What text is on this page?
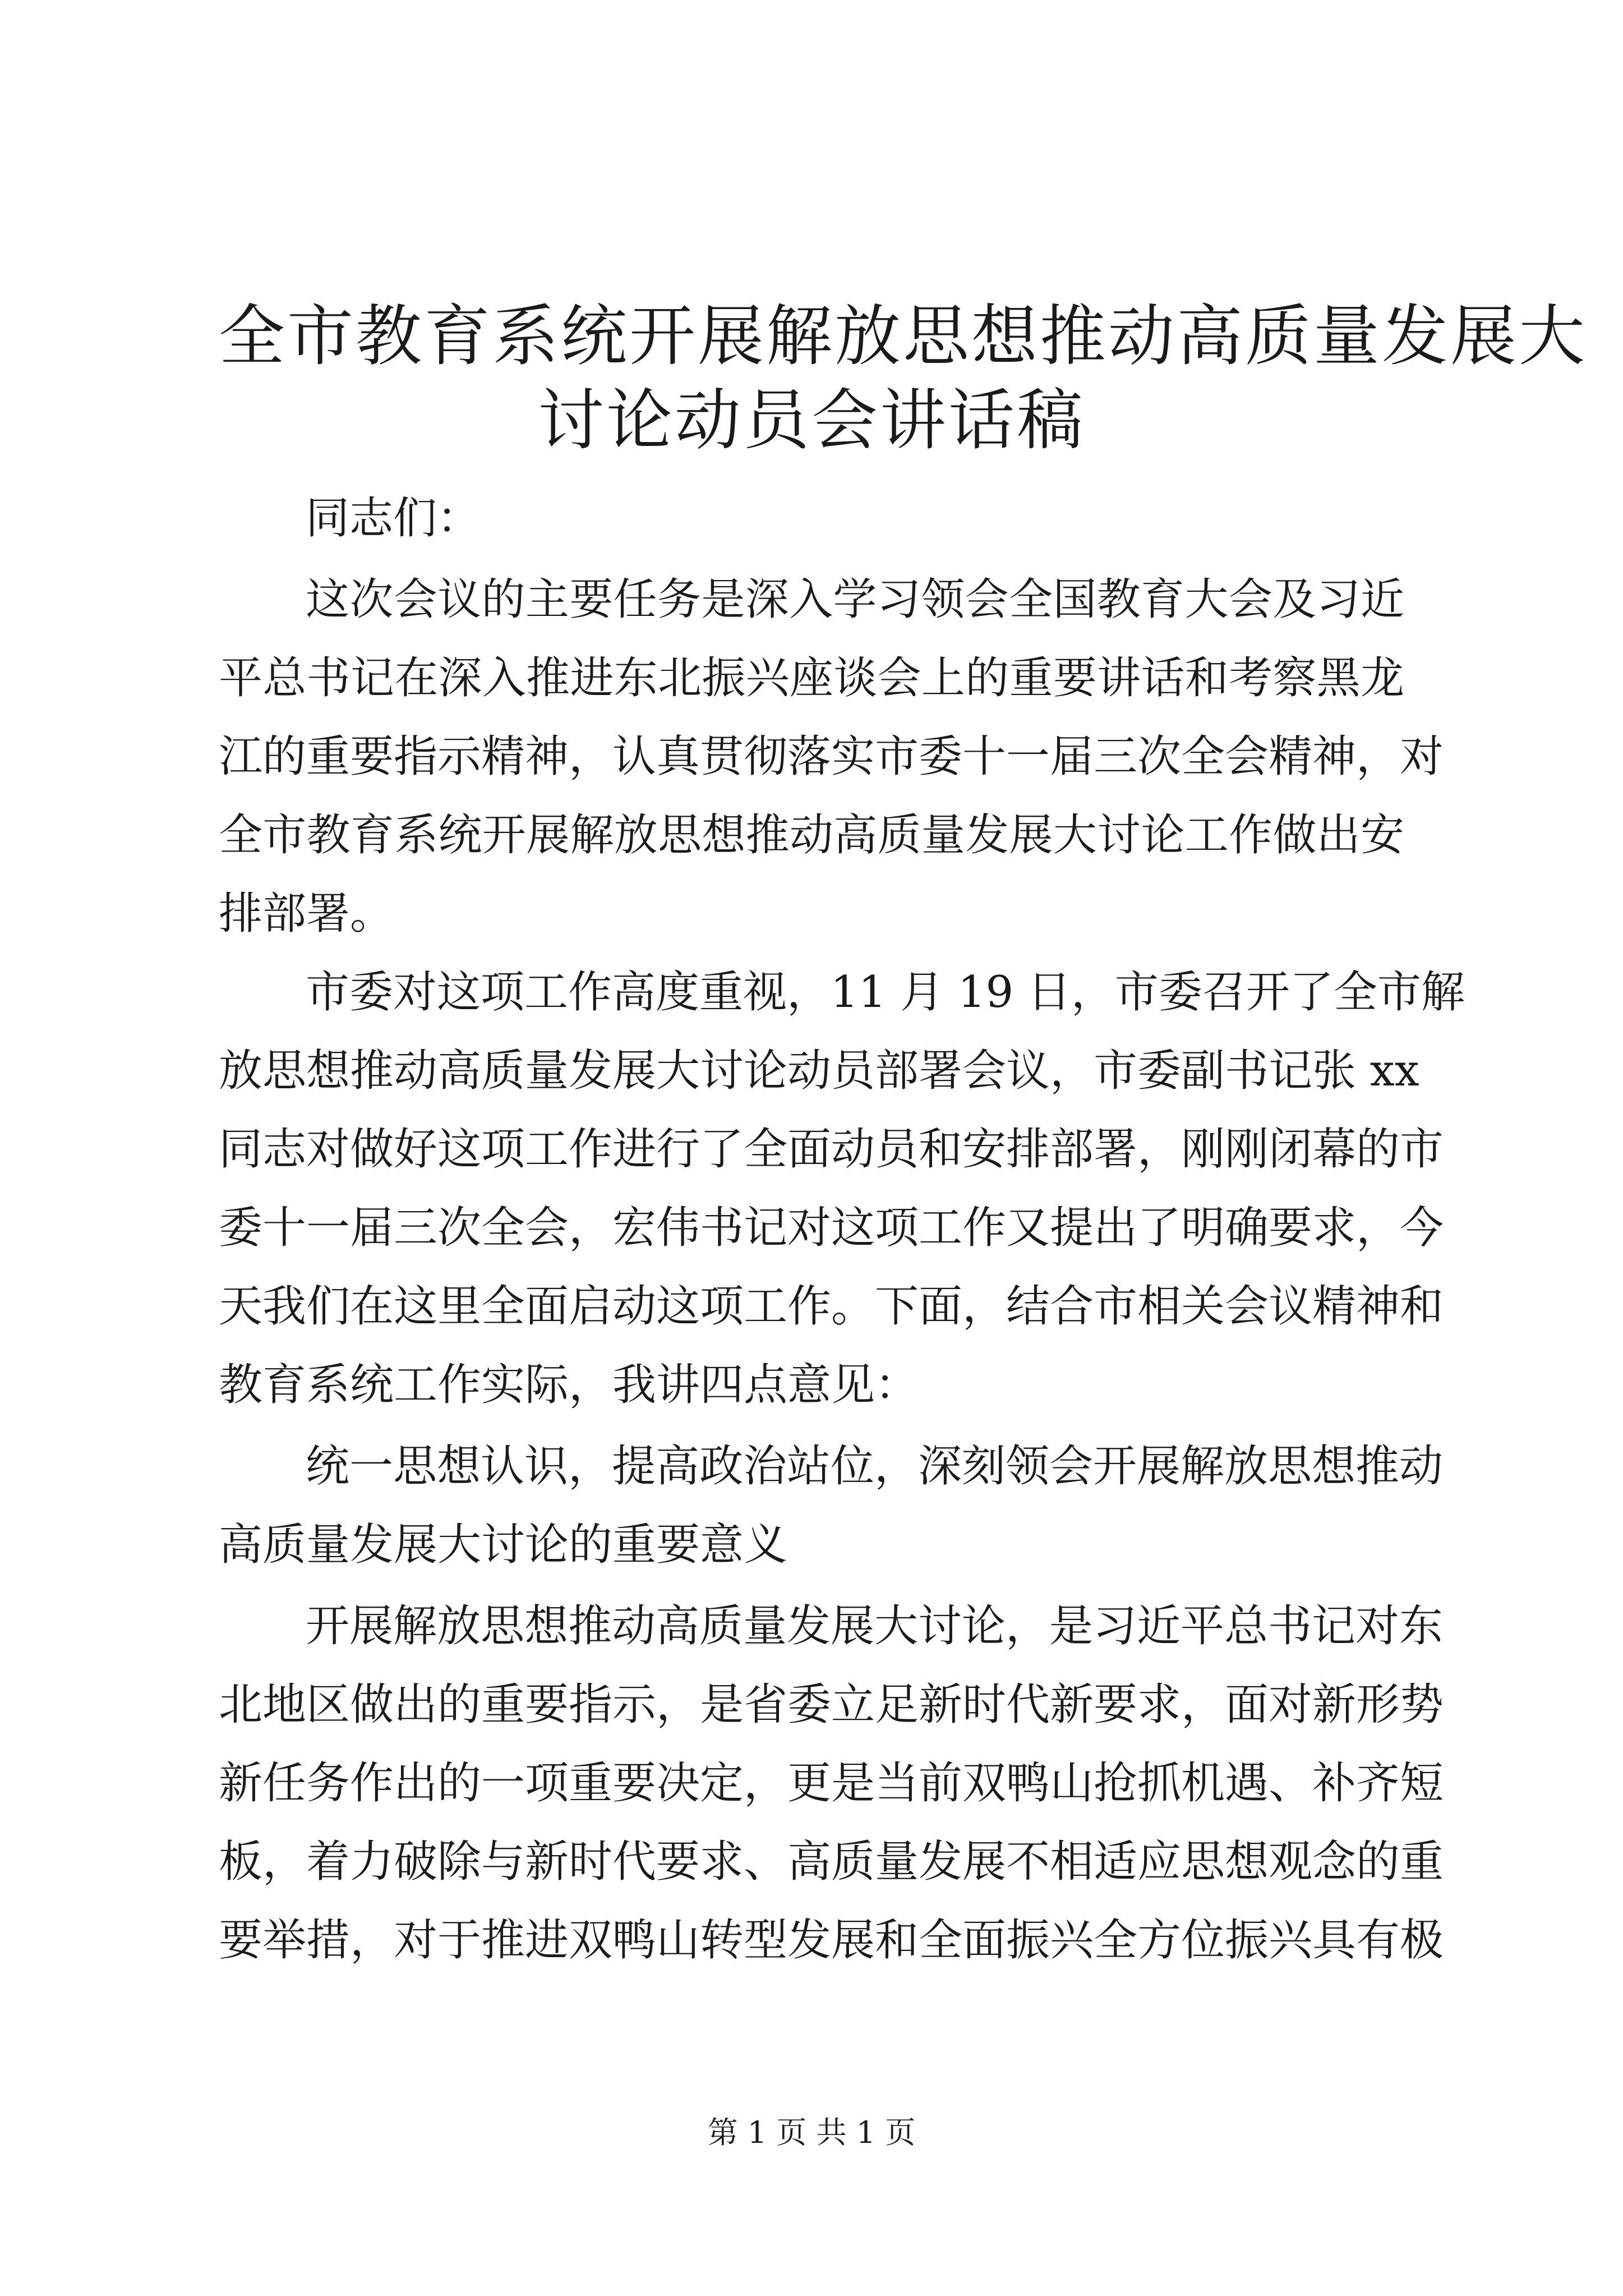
全市教育系统开展解放思想推动高质量发展大
讨论动员会讲话稿

同志们：

这次会议的主要任务是深入学习领会全国教育大会及习近

平总书记在深入推进东北振兴座谈会上的重要讲话和考察黑龙

江的重要指示精神，认真贯彻落实市委十一届三次全会精神，对

全市教育系统开展解放思想推动高质量发展大讨论工作做出安

排部署。

市委对这项工作高度重视，11 月 19 日，市委召开了全市解

放思想推动高质量发展大讨论动员部署会议，市委副书记张 xx

同志对做好这项工作进行了全面动员和安排部署，刚刚闭幕的市

委十一届三次全会，宏伟书记对这项工作又提出了明确要求，今

天我们在这里全面启动这项工作。下面，结合市相关会议精神和

教育系统工作实际，我讲四点意见：

统一思想认识，提高政治站位，深刻领会开展解放思想推动

高质量发展大讨论的重要意义

开展解放思想推动高质量发展大讨论，是习近平总书记对东

北地区做出的重要指示，是省委立足新时代新要求，面对新形势

新任务作出的一项重要决定，更是当前双鸭山抢抓机遇、补齐短

板，着力破除与新时代要求、高质量发展不相适应思想观念的重

要举措，对于推进双鸭山转型发展和全面振兴全方位振兴具有极

第 1 页 共 1 页
